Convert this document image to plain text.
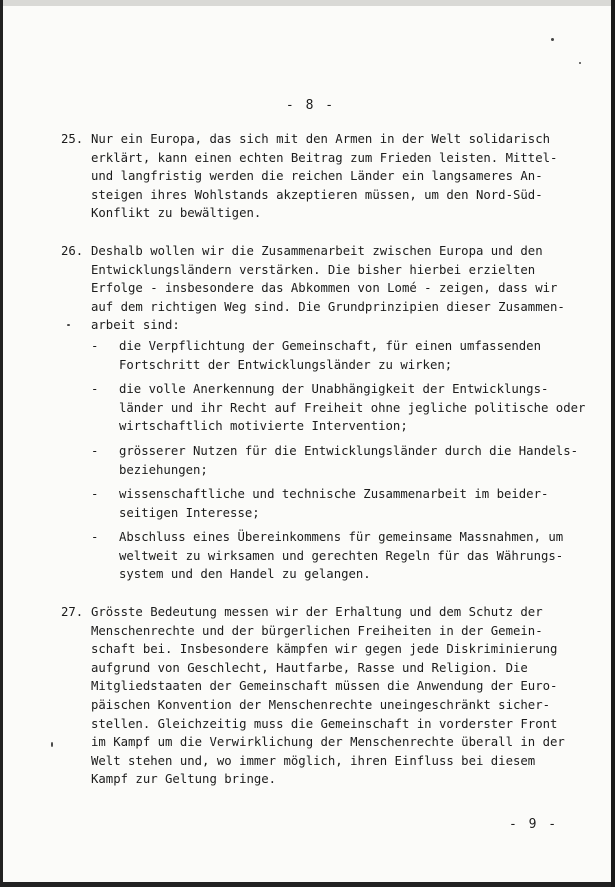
- 8 -
25. Nur ein Europa, das sich mit den Armen in der Welt solidarisch
erklärt, kann einen echten Beitrag zum Frieden leisten. Mittel-
und langfristig werden die reichen Länder ein langsameres An-
steigen ihres Wohlstands akzeptieren müssen, um den Nord-Süd-
Konflikt zu bewältigen.
26. Deshalb wollen wir die Zusammenarbeit zwischen Europa und den
Entwicklungsländern verstärken. Die bisher hierbei erzielten
Erfolge - insbesondere das Abkommen von Lomé - zeigen, dass wir
auf dem richtigen Weg sind. Die Grundprinzipien dieser Zusammen-
arbeit sind:
- die Verpflichtung der Gemeinschaft, für einen umfassenden
Fortschritt der Entwicklungsländer zu wirken;
- die volle Anerkennung der Unabhängigkeit der Entwicklungs-
länder und ihr Recht auf Freiheit ohne jegliche politische oder
wirtschaftlich motivierte Intervention;
- grösserer Nutzen für die Entwicklungsländer durch die Handels-
beziehungen;
- wissenschaftliche und technische Zusammenarbeit im beider-
seitigen Interesse;
- Abschluss eines Übereinkommens für gemeinsame Massnahmen, um
weltweit zu wirksamen und gerechten Regeln für das Währungs-
system und den Handel zu gelangen.
27. Grösste Bedeutung messen wir der Erhaltung und dem Schutz der
Menschenrechte und der bürgerlichen Freiheiten in der Gemein-
schaft bei. Insbesondere kämpfen wir gegen jede Diskriminierung
aufgrund von Geschlecht, Hautfarbe, Rasse und Religion. Die
Mitgliedstaaten der Gemeinschaft müssen die Anwendung der Euro-
päischen Konvention der Menschenrechte uneingeschränkt sicher-
stellen. Gleichzeitig muss die Gemeinschaft in vorderster Front
im Kampf um die Verwirklichung der Menschenrechte überall in der
Welt stehen und, wo immer möglich, ihren Einfluss bei diesem
Kampf zur Geltung bringe.
- 9 -
